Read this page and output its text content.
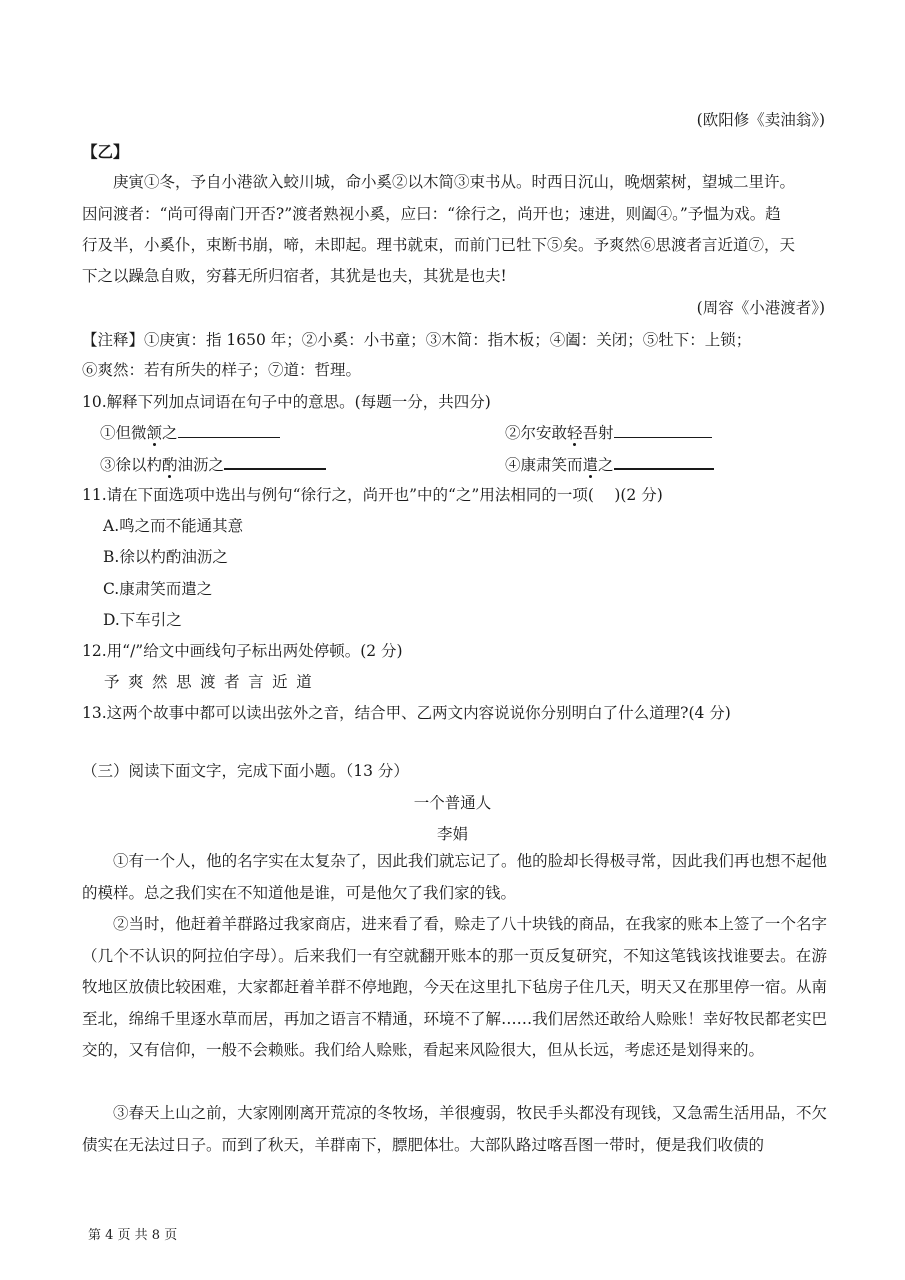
(欧阳修《卖油翁》)
【乙】
庚寅①冬，予自小港欲入蛟川城，命小奚②以木简③束书从。时西日沉山，晚烟萦树，望城二里许。
因问渡者：“尚可得南门开否?”渡者熟视小奚，应曰：“徐行之，尚开也；速进，则阖④。”予愠为戏。趋
行及半，小奚仆，束断书崩，啼，未即起。理书就束，而前门已牡下⑤矣。予爽然⑥思渡者言近道⑦，天
下之以躁急自败，穷暮无所归宿者，其犹是也夫，其犹是也夫!
(周容《小港渡者》)
【注释】①庚寅：指 1650 年；②小奚：小书童；③木简：指木板；④阖：关闭；⑤牡下：上锁；
⑥爽然：若有所失的样子；⑦道：哲理。
10.解释下列加点词语在句子中的意思。(每题一分，共四分)
①但微颔之	②尔安敢轻吾射
③徐以杓酌油沥之	④康肃笑而遣之
11.请在下面选项中选出与例句“徐行之，尚开也”中的“之”用法相同的一项(　 )(2 分)
A.鸣之而不能通其意
B.徐以杓酌油沥之
C.康肃笑而遣之
D.下车引之
12.用“/”给文中画线句子标出两处停顿。(2 分)
予爽然思渡者言近道
13.这两个故事中都可以读出弦外之音，结合甲、乙两文内容说说你分别明白了什么道理?(4 分)
（三）阅读下面文字，完成下面小题。（13 分）
一个普通人
李娟
①有一个人，他的名字实在太复杂了，因此我们就忘记了。他的脸却长得极寻常，因此我们再也想不起他的模样。总之我们实在不知道他是谁，可是他欠了我们家的钱。
②当时，他赶着羊群路过我家商店，进来看了看，赊走了八十块钱的商品，在我家的账本上签了一个名字（几个不认识的阿拉伯字母）。后来我们一有空就翻开账本的那一页反复研究，不知这笔钱该找谁要去。在游牧地区放债比较困难，大家都赶着羊群不停地跑，今天在这里扎下毡房子住几天，明天又在那里停一宿。从南至北，绵绵千里逐水草而居，再加之语言不精通，环境不了解……我们居然还敢给人赊账！幸好牧民都老实巴交的，又有信仰，一般不会赖账。我们给人赊账，看起来风险很大，但从长远，考虑还是划得来的。
③春天上山之前，大家刚刚离开荒凉的冬牧场，羊很瘦弱，牧民手头都没有现钱，又急需生活用品，不欠债实在无法过日子。而到了秋天，羊群南下，膘肥体壮。大部队路过喀吾图一带时，便是我们收债的
第 4 页 共 8 页
